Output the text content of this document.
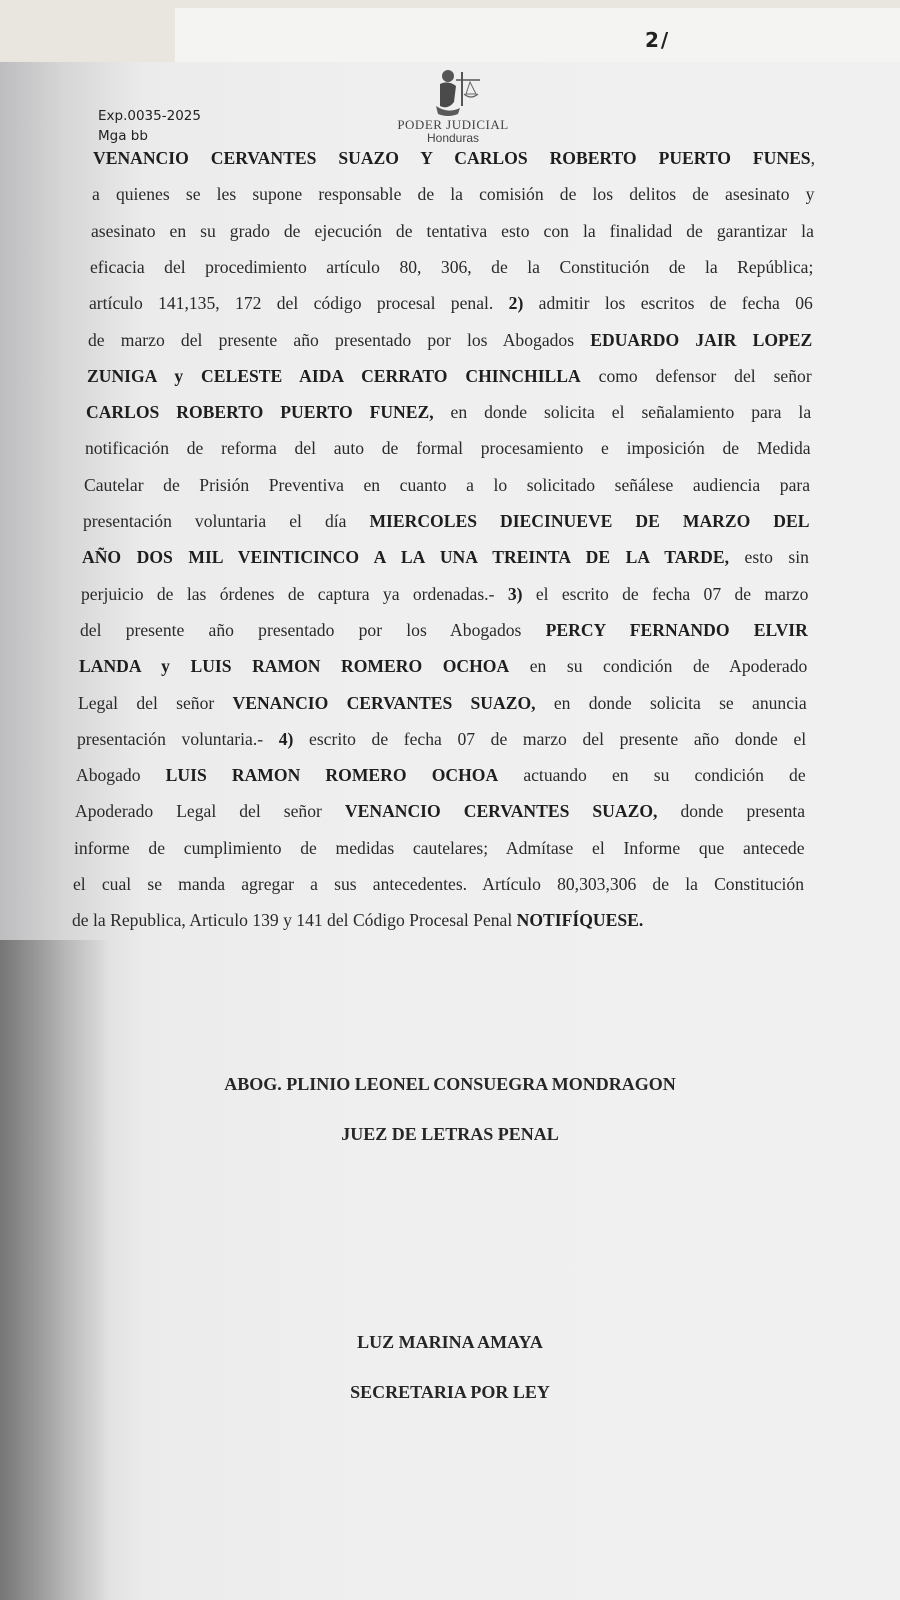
2/
Exp.0035-2025
Mga bb
PODER JUDICIAL
Honduras
VENANCIO CERVANTES SUAZO Y CARLOS ROBERTO PUERTO FUNES,
a quienes se les supone responsable de la comisión de los delitos de asesinato y
asesinato en su grado de ejecución de tentativa esto con la finalidad de garantizar la
eficacia del procedimiento artículo 80, 306, de la Constitución de la República;
artículo 141,135, 172 del código procesal penal. 2) admitir los escritos de fecha 06
de marzo del presente año presentado por los Abogados EDUARDO JAIR LOPEZ
ZUNIGA y CELESTE AIDA CERRATO CHINCHILLA como defensor del señor
CARLOS ROBERTO PUERTO FUNEZ, en donde solicita el señalamiento para la
notificación de reforma del auto de formal procesamiento e imposición de Medida
Cautelar de Prisión Preventiva en cuanto a lo solicitado señálese audiencia para
presentación voluntaria el día MIERCOLES DIECINUEVE DE MARZO DEL
AÑO DOS MIL VEINTICINCO A LA UNA TREINTA DE LA TARDE, esto sin
perjuicio de las órdenes de captura ya ordenadas.- 3) el escrito de fecha 07 de marzo
del presente año presentado por los Abogados PERCY FERNANDO ELVIR
LANDA y LUIS RAMON ROMERO OCHOA en su condición de Apoderado
Legal del señor VENANCIO CERVANTES SUAZO, en donde solicita se anuncia
presentación voluntaria.- 4) escrito de fecha 07 de marzo del presente año donde el
Abogado LUIS RAMON ROMERO OCHOA actuando en su condición de
Apoderado Legal del señor VENANCIO CERVANTES SUAZO, donde presenta
informe de cumplimiento de medidas cautelares; Admítase el Informe que antecede
el cual se manda agregar a sus antecedentes. Artículo 80,303,306 de la Constitución
de la Republica, Articulo 139 y 141 del Código Procesal Penal NOTIFÍQUESE.
ABOG. PLINIO LEONEL CONSUEGRA MONDRAGON
JUEZ DE LETRAS PENAL
LUZ MARINA AMAYA
SECRETARIA POR LEY
